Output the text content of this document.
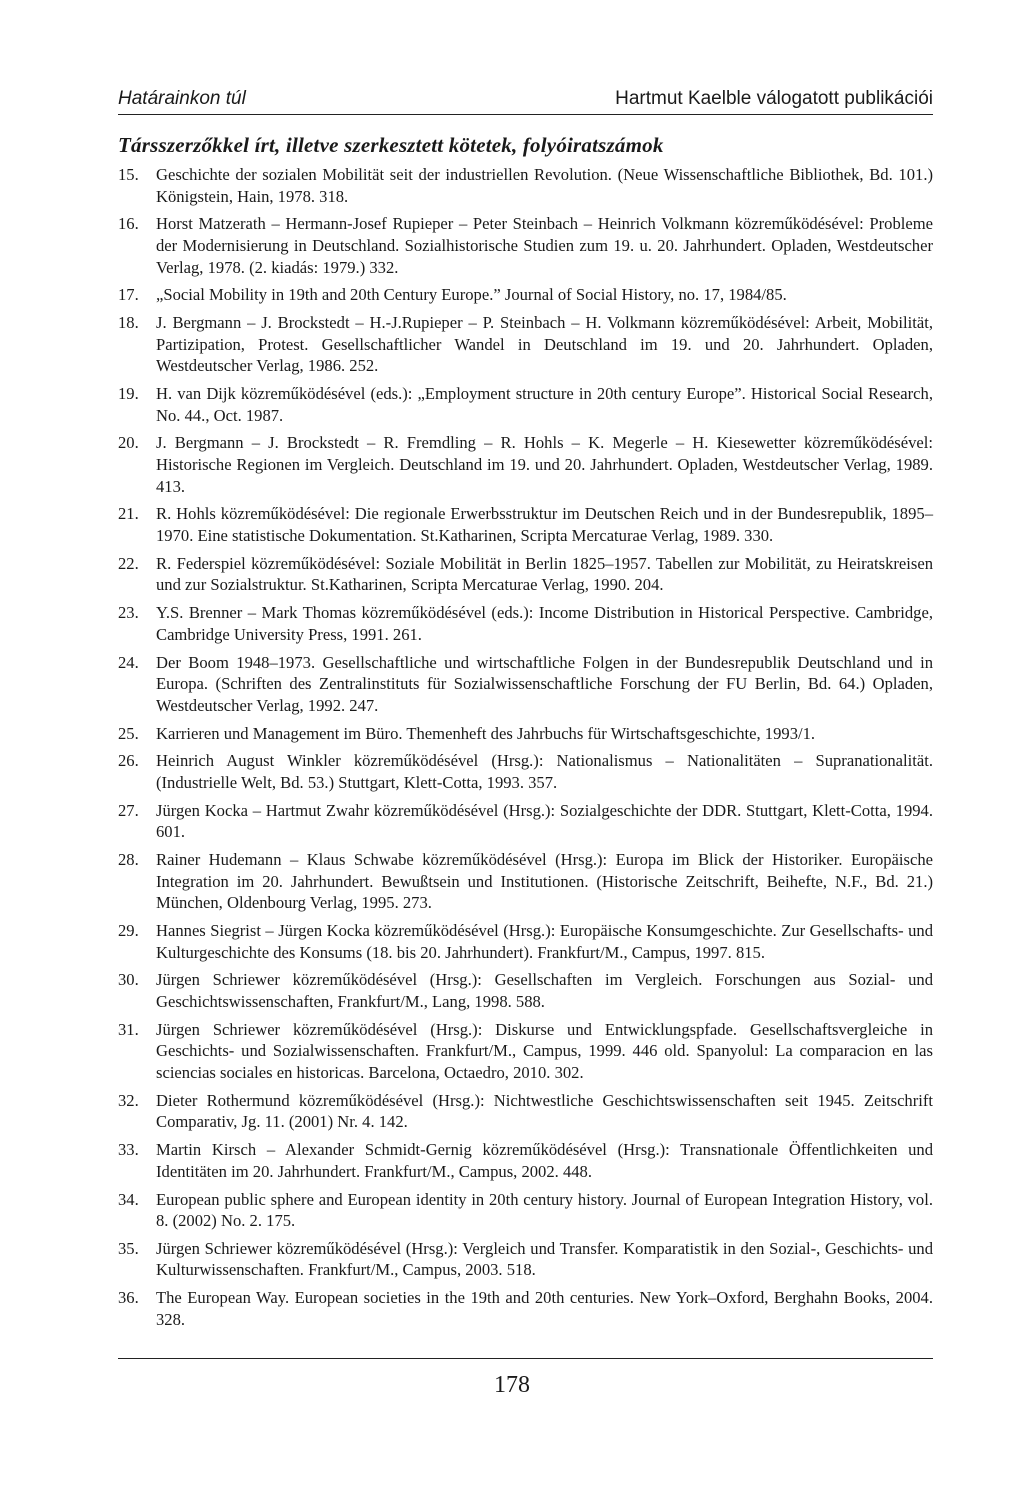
Határainkon túl	Hartmut Kaelble válogatott publikációi
Társszerzőkkel írt, illetve szerkesztett kötetek, folyóiratszámok
15.	Geschichte der sozialen Mobilität seit der industriellen Revolution. (Neue Wissenschaftliche Bibliothek, Bd. 101.) Königstein, Hain, 1978. 318.
16.	Horst Matzerath – Hermann-Josef Rupieper – Peter Steinbach – Heinrich Volkmann közreműködésével: Probleme der Modernisierung in Deutschland. Sozialhistorische Studien zum 19. u. 20. Jahrhundert. Opladen, Westdeutscher Verlag, 1978. (2. kiadás: 1979.) 332.
17.	„Social Mobility in 19th and 20th Century Europe.” Journal of Social History, no. 17, 1984/85.
18.	J. Bergmann – J. Brockstedt – H.-J.Rupieper – P. Steinbach – H. Volkmann közreműködésével: Arbeit, Mobilität, Partizipation, Protest. Gesellschaftlicher Wandel in Deutschland im 19. und 20. Jahrhundert. Opladen, Westdeutscher Verlag, 1986. 252.
19.	H. van Dijk közreműködésével (eds.): „Employment structure in 20th century Europe”. Historical Social Research, No. 44., Oct. 1987.
20.	J. Bergmann – J. Brockstedt – R. Fremdling – R. Hohls – K. Megerle – H. Kiesewetter közreműködésével: Historische Regionen im Vergleich. Deutschland im 19. und 20. Jahrhundert. Opladen, Westdeutscher Verlag, 1989. 413.
21.	R. Hohls közreműködésével: Die regionale Erwerbsstruktur im Deutschen Reich und in der Bundesrepublik, 1895–1970. Eine statistische Dokumentation. St.Katharinen, Scripta Mercaturae Verlag, 1989. 330.
22.	R. Federspiel közreműködésével: Soziale Mobilität in Berlin 1825–1957. Tabellen zur Mobilität, zu Heiratskreisen und zur Sozialstruktur. St.Katharinen, Scripta Mercaturae Verlag, 1990. 204.
23.	Y.S. Brenner – Mark Thomas közreműködésével (eds.): Income Distribution in Historical Perspective. Cambridge, Cambridge University Press, 1991. 261.
24.	Der Boom 1948–1973. Gesellschaftliche und wirtschaftliche Folgen in der Bundesrepublik Deutschland und in Europa. (Schriften des Zentralinstituts für Sozialwissenschaftliche Forschung der FU Berlin, Bd. 64.) Opladen, Westdeutscher Verlag, 1992. 247.
25.	Karrieren und Management im Büro. Themenheft des Jahrbuchs für Wirtschaftsgeschichte, 1993/1.
26.	Heinrich August Winkler közreműködésével (Hrsg.): Nationalismus – Nationalitäten – Supranationalität. (Industrielle Welt, Bd. 53.) Stuttgart, Klett-Cotta, 1993. 357.
27.	Jürgen Kocka – Hartmut Zwahr közreműködésével (Hrsg.): Sozialgeschichte der DDR. Stuttgart, Klett-Cotta, 1994. 601.
28.	Rainer Hudemann – Klaus Schwabe közreműködésével (Hrsg.): Europa im Blick der Historiker. Europäische Integration im 20. Jahrhundert. Bewußtsein und Institutionen. (Historische Zeitschrift, Beihefte, N.F., Bd. 21.) München, Oldenbourg Verlag, 1995. 273.
29.	Hannes Siegrist – Jürgen Kocka közreműködésével (Hrsg.): Europäische Konsumgeschichte. Zur Gesellschafts- und Kulturgeschichte des Konsums (18. bis 20. Jahrhundert). Frankfurt/M., Campus, 1997. 815.
30.	Jürgen Schriewer közreműködésével (Hrsg.): Gesellschaften im Vergleich. Forschungen aus Sozial- und Geschichtswissenschaften, Frankfurt/M., Lang, 1998. 588.
31.	Jürgen Schriewer közreműködésével (Hrsg.): Diskurse und Entwicklungspfade. Gesellschaftsvergleiche in Geschichts- und Sozialwissenschaften. Frankfurt/M., Campus, 1999. 446 old. Spanyolul: La comparacion en las sciencias sociales en historicas. Barcelona, Octaedro, 2010. 302.
32.	Dieter Rothermund közreműködésével (Hrsg.): Nichtwestliche Geschichtswissenschaften seit 1945. Zeitschrift Comparativ, Jg. 11. (2001) Nr. 4. 142.
33.	Martin Kirsch – Alexander Schmidt-Gernig közreműködésével (Hrsg.): Transnationale Öffentlichkeiten und Identitäten im 20. Jahrhundert. Frankfurt/M., Campus, 2002. 448.
34.	European public sphere and European identity in 20th century history. Journal of European Integration History, vol. 8. (2002) No. 2. 175.
35.	Jürgen Schriewer közreműködésével (Hrsg.): Vergleich und Transfer. Komparatistik in den Sozial-, Geschichts- und Kulturwissenschaften. Frankfurt/M., Campus, 2003. 518.
36.	The European Way. European societies in the 19th and 20th centuries. New York–Oxford, Berghahn Books, 2004. 328.
178
